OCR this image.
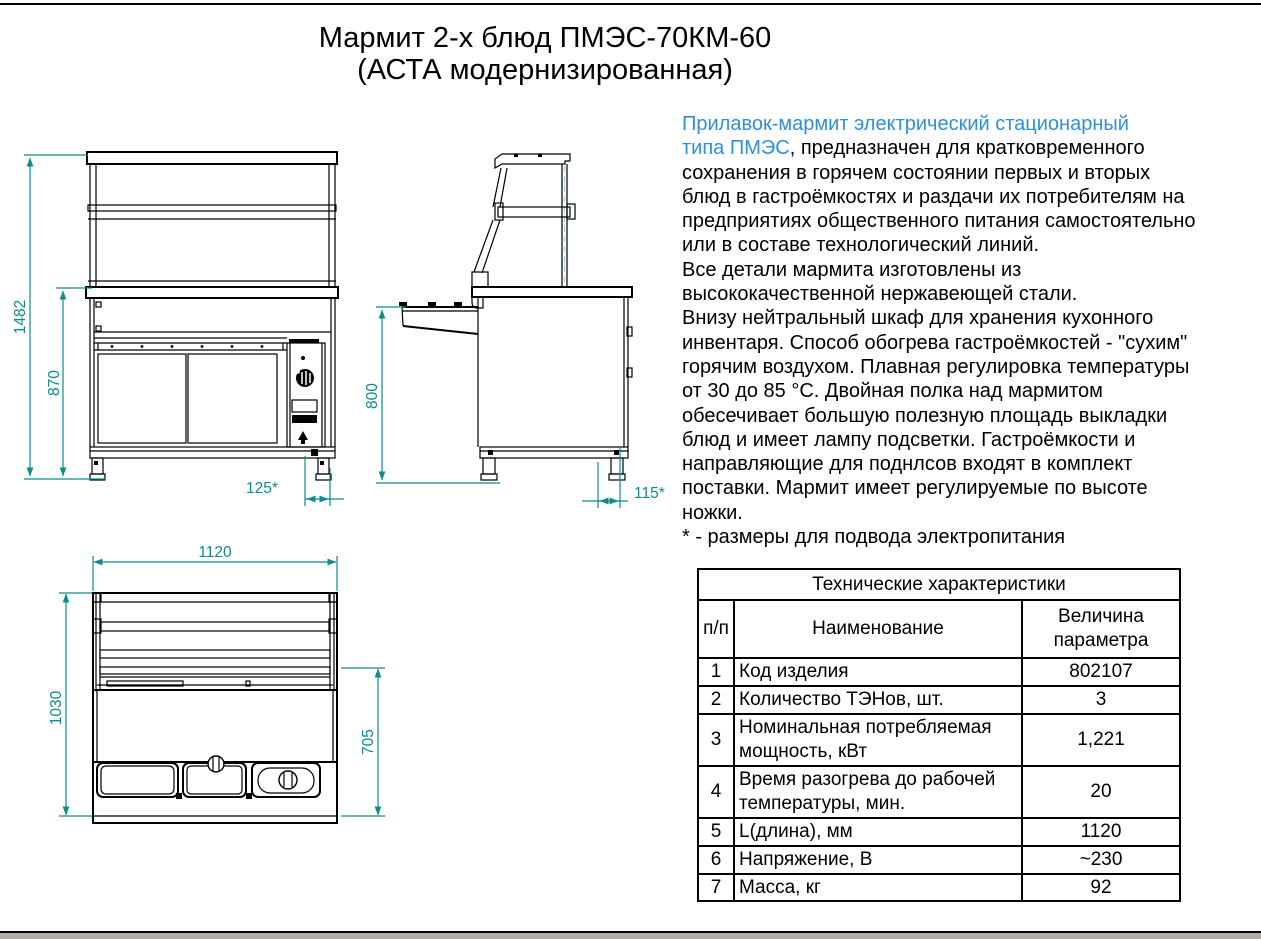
Мармит 2-х блюд ПМЭС-70КМ-60
(АСТА модернизированная)
1482
870
125*
800
115*
1120
1030
705
Прилавок-мармит электрический стационарный
типа ПМЭС, предназначен для кратковременного
сохранения в горячем состоянии первых и вторых
блюд в гастроёмкостях и раздачи их потребителям на
предприятиях общественного питания самостоятельно
или в составе технологический линий.
Все детали мармита изготовлены из
высококачественной нержавеющей стали.
Внизу нейтральный шкаф для хранения кухонного
инвентаря. Способ обогрева гастроёмкостей - "сухим"
горячим воздухом. Плавная регулировка температуры
от 30 до 85 °С. Двойная полка над мармитом
обесечивает большую полезную площадь выкладки
блюд и имеет лампу подсветки. Гастроёмкости и
направляющие для поднлсов входят в комплект
поставки. Мармит имеет регулируемые по высоте
ножки.
* - размеры для подвода электропитания
Технические характеристики		
п/п	Наименование	Величина параметра
1	Код изделия	802107
2	Количество ТЭНов, шт.	3
3	Номинальная потребляемая мощность, кВт	1,221
4	Время разогрева до рабочей температуры, мин.	20
5	L(длина), мм	1120
6	Напряжение, В	~230
7	Масса, кг	92
